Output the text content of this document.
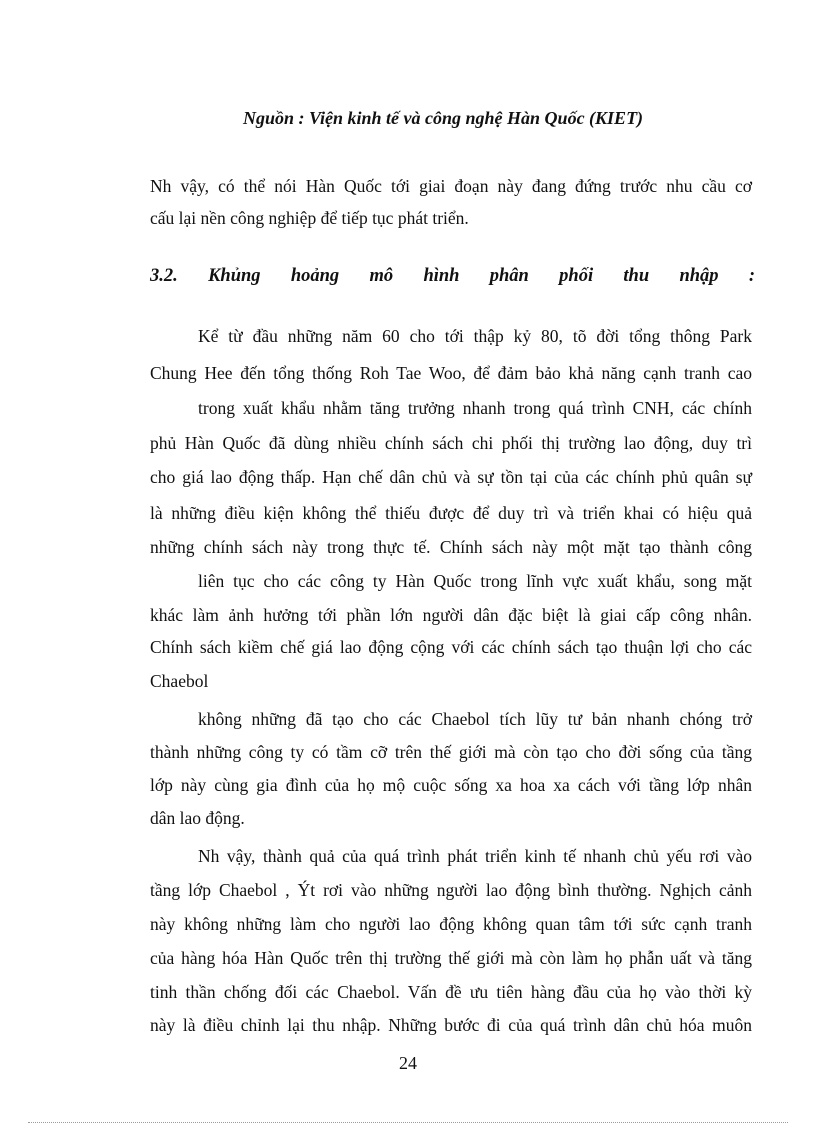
Nguồn : Viện kinh tế và công nghệ Hàn Quốc (KIET)
Nh vậy, có thể nói Hàn Quốc tới giai đoạn này đang đứng trước nhu cầu cơ
cấu lại nền công nghiệp để tiếp tục phát triển.
3.2. Khủng hoảng mô hình phân phối thu nhập :
Kể từ đầu những năm 60 cho tới thập kỷ 80, tõ đời tổng thông Park
Chung Hee đến tổng thống Roh Tae Woo, để đảm bảo khả năng cạnh tranh cao
trong xuất khẩu nhằm tăng trưởng nhanh trong quá trình CNH, các chính
phủ Hàn Quốc đã dùng nhiều chính sách chi phối thị trường lao động, duy trì
cho giá lao động thấp. Hạn chế dân chủ và sự tồn tại của các chính phủ quân sự
là những điều kiện không thể thiếu được để duy trì và triển khai có hiệu quả
những chính sách này trong thực tế. Chính sách này một mặt tạo thành công
liên tục cho các công ty Hàn Quốc trong lĩnh vực xuất khẩu, song mặt
khác làm ảnh hưởng tới phần lớn người dân đặc biệt là giai cấp công nhân.
Chính sách kiềm chế giá lao động cộng với các chính sách tạo thuận lợi cho các
Chaebol
không những đã tạo cho các Chaebol tích lũy tư bản nhanh chóng trở
thành những công ty có tầm cỡ trên thế giới mà còn tạo cho đời sống của tầng
lớp này cùng gia đình của họ mộ cuộc sống xa hoa xa cách với tầng lớp nhân
dân lao động.
Nh vậy, thành quả của quá trình phát triển kinh tế nhanh chủ yếu rơi vào
tầng lớp Chaebol , Ýt rơi vào những người lao động bình thường. Nghịch cảnh
này không những làm cho người lao động không quan tâm tới sức cạnh tranh
của hàng hóa Hàn Quốc trên thị trường thế giới mà còn làm họ phẫn uất và tăng
tinh thần chống đối các Chaebol. Vấn đề ưu tiên hàng đầu của họ vào thời kỳ
này là điều chỉnh lại thu nhập. Những bước đi của quá trình dân chủ hóa muôn
24
